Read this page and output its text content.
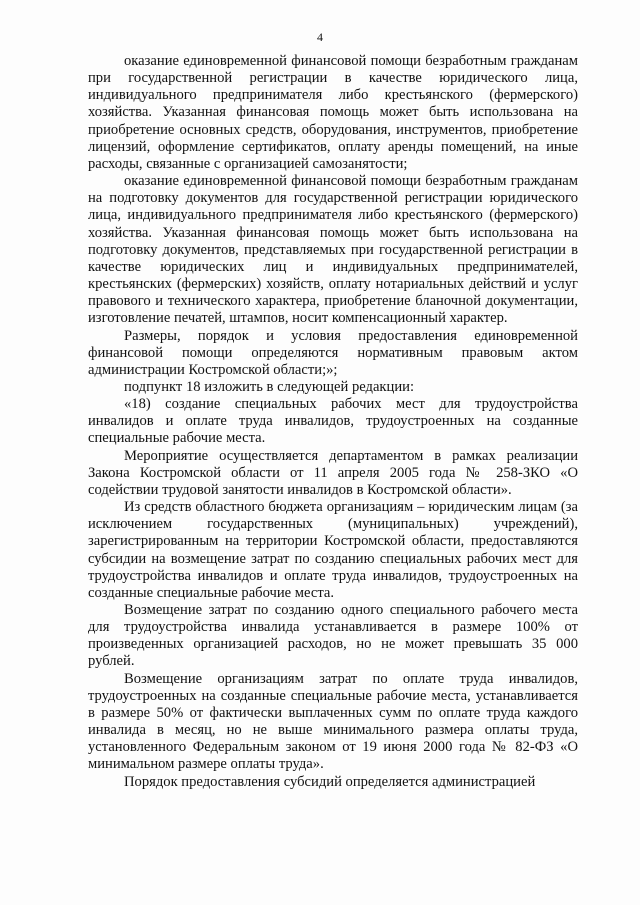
4

оказание единовременной финансовой помощи безработным гражданам при государственной регистрации в качестве юридического лица, индивидуального предпринимателя либо крестьянского (фермерского) хозяйства. Указанная финансовая помощь может быть использована на приобретение основных средств, оборудования, инструментов, приобретение лицензий, оформление сертификатов, оплату аренды помещений, на иные расходы, связанные с организацией самозанятости;

оказание единовременной финансовой помощи безработным гражданам на подготовку документов для государственной регистрации юридического лица, индивидуального предпринимателя либо крестьянского (фермерского) хозяйства. Указанная финансовая помощь может быть использована на подготовку документов, представляемых при государственной регистрации в качестве юридических лиц и индивидуальных предпринимателей, крестьянских (фермерских) хозяйств, оплату нотариальных действий и услуг правового и технического характера, приобретение бланочной документации, изготовление печатей, штампов, носит компенсационный характер.

Размеры, порядок и условия предоставления единовременной финансовой помощи определяются нормативным правовым актом администрации Костромской области;»;

подпункт 18 изложить в следующей редакции:

«18) создание специальных рабочих мест для трудоустройства инвалидов и оплате труда инвалидов, трудоустроенных на созданные специальные рабочие места.

Мероприятие осуществляется департаментом в рамках реализации Закона Костромской области от 11 апреля 2005 года № 258-ЗКО «О содействии трудовой занятости инвалидов в Костромской области».

Из средств областного бюджета организациям – юридическим лицам (за исключением государственных (муниципальных) учреждений), зарегистрированным на территории Костромской области, предоставляются субсидии на возмещение затрат по созданию специальных рабочих мест для трудоустройства инвалидов и оплате труда инвалидов, трудоустроенных на созданные специальные рабочие места.

Возмещение затрат по созданию одного специального рабочего места для трудоустройства инвалида устанавливается в размере 100% от произведенных организацией расходов, но не может превышать 35 000 рублей.

Возмещение организациям затрат по оплате труда инвалидов, трудоустроенных на созданные специальные рабочие места, устанавливается в размере 50% от фактически выплаченных сумм по оплате труда каждого инвалида в месяц, но не выше минимального размера оплаты труда, установленного Федеральным законом от 19 июня 2000 года № 82-ФЗ «О минимальном размере оплаты труда».

Порядок предоставления субсидий определяется администрацией
